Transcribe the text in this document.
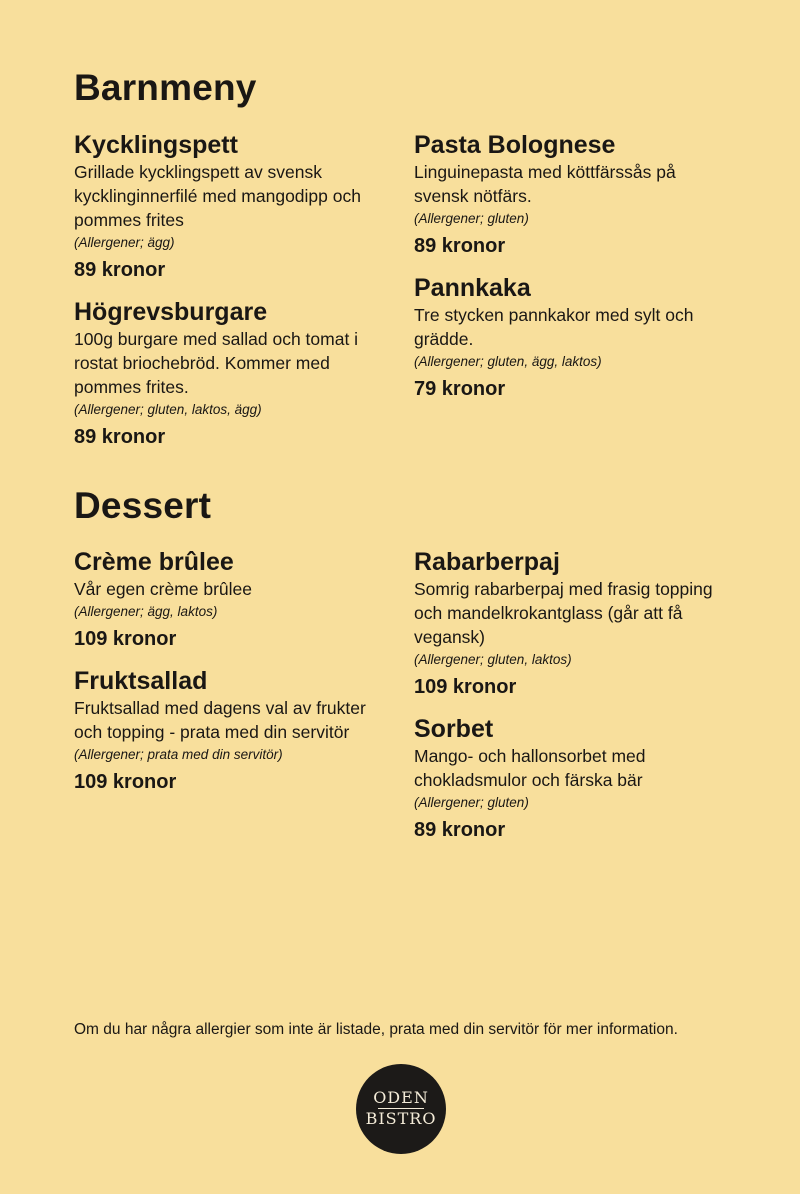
Barnmeny
Kycklingspett

Grillade kycklingspett av svensk kycklinginnerfilé med mangodipp och pommes frites

(Allergener; ägg)

89 kronor

Högrevsburgare

100g burgare med sallad och tomat i rostat briochebröd. Kommer med pommes frites.

(Allergener; gluten, laktos, ägg)

89 kronor

Pasta Bolognese

Linguinepasta med köttfärssås på svensk nötfärs.

(Allergener; gluten)

89 kronor

Pannkaka

Tre stycken pannkakor med sylt och grädde.

(Allergener; gluten, ägg, laktos)

79 kronor

Dessert
Crème brûlee

Vår egen crème brûlee

(Allergener; ägg, laktos)

109 kronor

Fruktsallad

Fruktsallad med dagens val av frukter och topping - prata med din servitör

(Allergener; prata med din servitör)

109 kronor

Rabarberpaj

Somrig rabarberpaj med frasig topping och mandelkrokantglass (går att få vegansk)

(Allergener; gluten, laktos)

109 kronor

Sorbet

Mango- och hallonsorbet med chokladsmulor och färska bär

(Allergener; gluten)

89 kronor

Om du har några allergier som inte är listade, prata med din servitör för mer information.
ODEN
BISTRO
